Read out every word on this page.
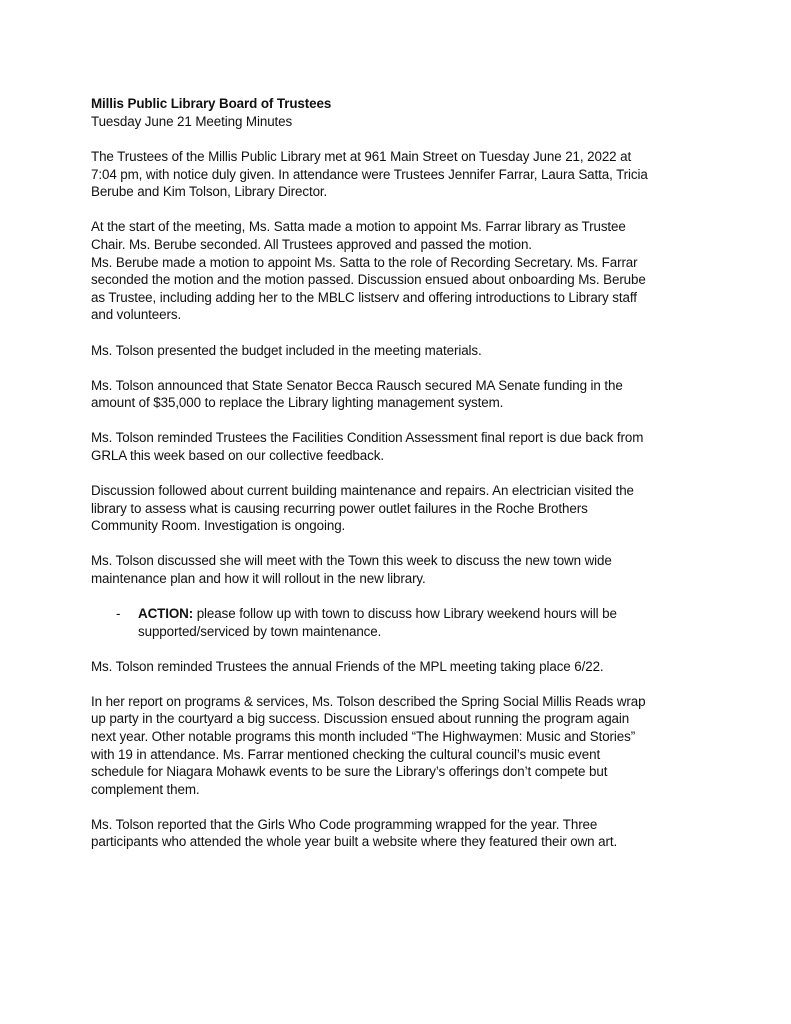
Millis Public Library Board of Trustees
Tuesday June 21 Meeting Minutes

The Trustees of the Millis Public Library met at 961 Main Street on Tuesday June 21, 2022 at
7:04 pm, with notice duly given. In attendance were Trustees Jennifer Farrar, Laura Satta, Tricia
Berube and Kim Tolson, Library Director.

At the start of the meeting, Ms. Satta made a motion to appoint Ms. Farrar library as Trustee
Chair. Ms. Berube seconded. All Trustees approved and passed the motion.
Ms. Berube made a motion to appoint Ms. Satta to the role of Recording Secretary. Ms. Farrar
seconded the motion and the motion passed. Discussion ensued about onboarding Ms. Berube
as Trustee, including adding her to the MBLC listserv and offering introductions to Library staff
and volunteers.

Ms. Tolson presented the budget included in the meeting materials.

Ms. Tolson announced that State Senator Becca Rausch secured MA Senate funding in the
amount of $35,000 to replace the Library lighting management system.

Ms. Tolson reminded Trustees the Facilities Condition Assessment final report is due back from
GRLA this week based on our collective feedback.

Discussion followed about current building maintenance and repairs. An electrician visited the
library to assess what is causing recurring power outlet failures in the Roche Brothers
Community Room. Investigation is ongoing.

Ms. Tolson discussed she will meet with the Town this week to discuss the new town wide
maintenance plan and how it will rollout in the new library.

- ACTION: please follow up with town to discuss how Library weekend hours will be
supported/serviced by town maintenance.

Ms. Tolson reminded Trustees the annual Friends of the MPL meeting taking place 6/22.

In her report on programs & services, Ms. Tolson described the Spring Social Millis Reads wrap
up party in the courtyard a big success. Discussion ensued about running the program again
next year. Other notable programs this month included “The Highwaymen: Music and Stories”
with 19 in attendance. Ms. Farrar mentioned checking the cultural council’s music event
schedule for Niagara Mohawk events to be sure the Library’s offerings don’t compete but
complement them.

Ms. Tolson reported that the Girls Who Code programming wrapped for the year. Three
participants who attended the whole year built a website where they featured their own art.
